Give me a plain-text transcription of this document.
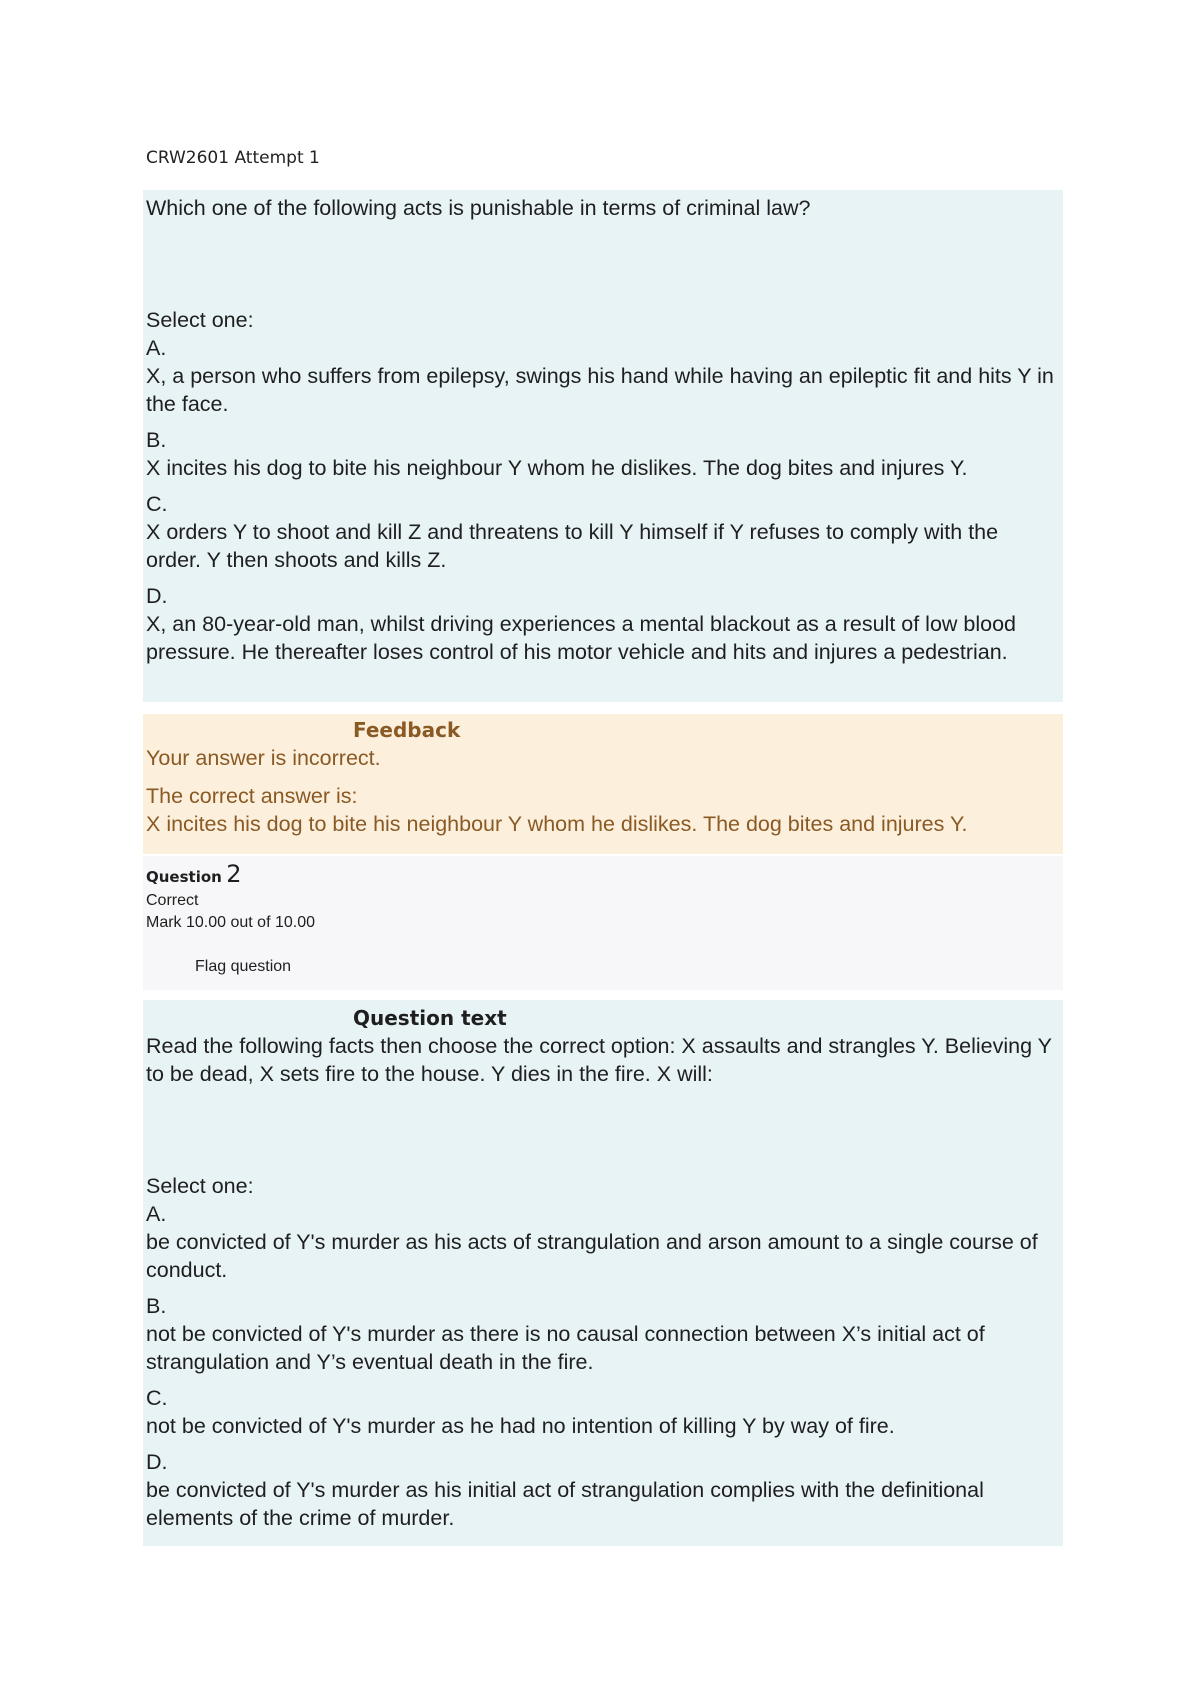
CRW2601 Attempt 1
Which one of the following acts is punishable in terms of criminal law?
Select one:
A.
X, a person who suffers from epilepsy, swings his hand while having an epileptic fit and hits Y in the face.
B.
X incites his dog to bite his neighbour Y whom he dislikes. The dog bites and injures Y.
C.
X orders Y to shoot and kill Z and threatens to kill Y himself if Y refuses to comply with the order. Y then shoots and kills Z.
D.
X, an 80-year-old man, whilst driving experiences a mental blackout as a result of low blood pressure. He thereafter loses control of his motor vehicle and hits and injures a pedestrian.
Feedback
Your answer is incorrect.
The correct answer is:
X incites his dog to bite his neighbour Y whom he dislikes. The dog bites and injures Y.
Question 2
Correct
Mark 10.00 out of 10.00
Flag question
Question text
Read the following facts then choose the correct option: X assaults and strangles Y. Believing Y to be dead, X sets fire to the house. Y dies in the fire. X will:
Select one:
A.
be convicted of Y's murder as his acts of strangulation and arson amount to a single course of conduct.
B.
not be convicted of Y's murder as there is no causal connection between X’s initial act of strangulation and Y’s eventual death in the fire.
C.
not be convicted of Y's murder as he had no intention of killing Y by way of fire.
D.
be convicted of Y's murder as his initial act of strangulation complies with the definitional elements of the crime of murder.
